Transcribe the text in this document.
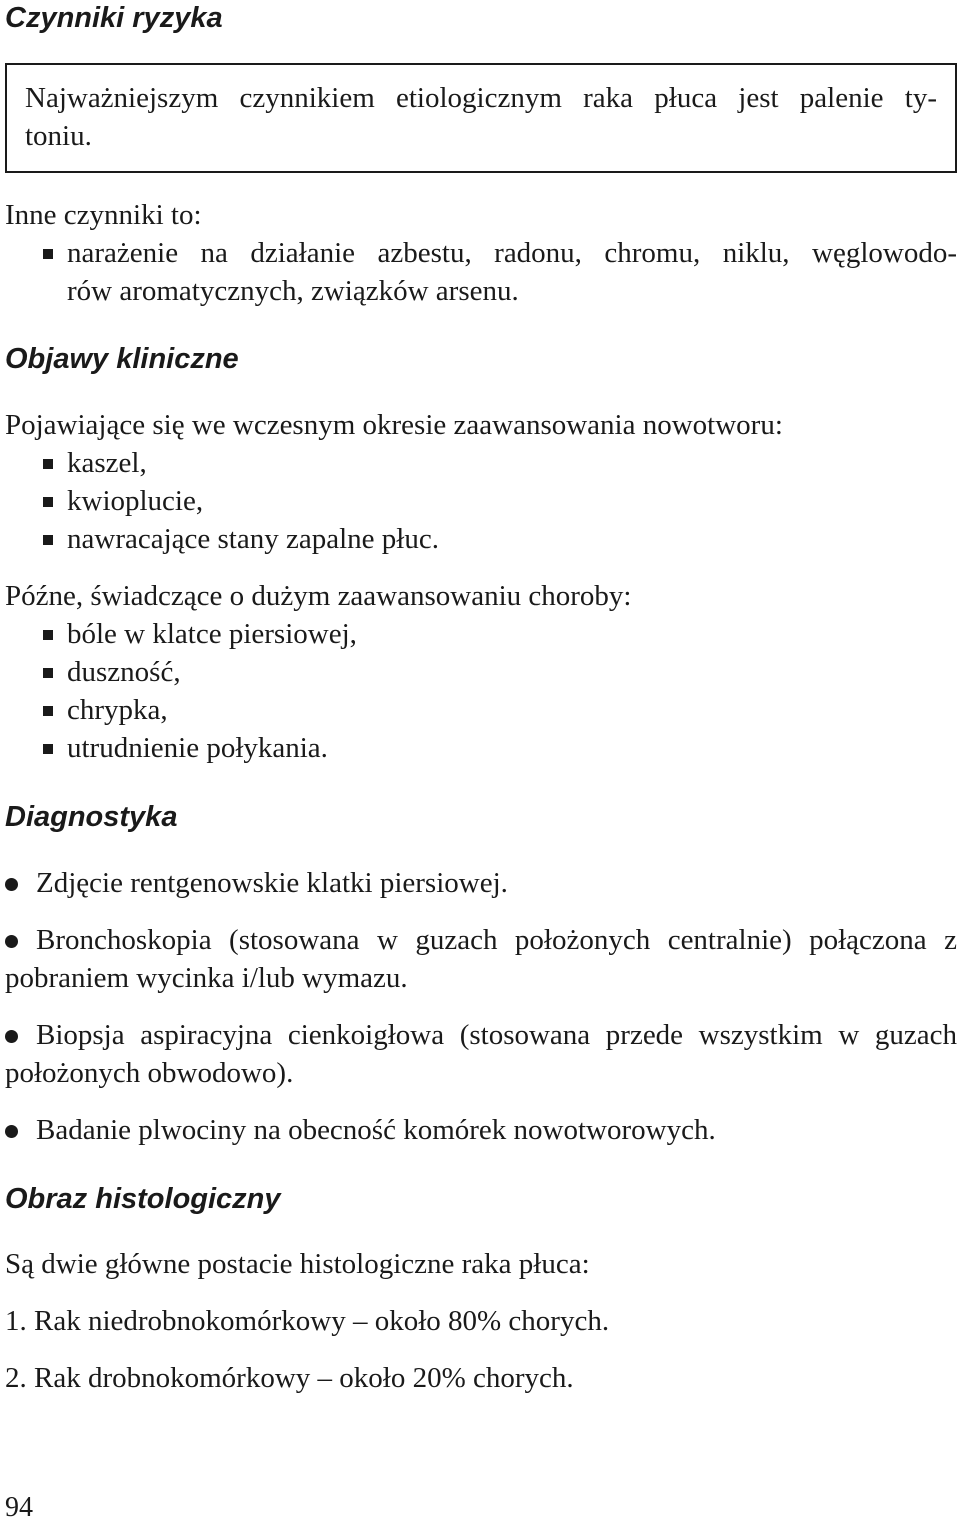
Czynniki ryzyka

Najważniejszym czynnikiem etiologicznym raka płuca jest palenie ty-

toniu.

Inne czynniki to:

narażenie na działanie azbestu, radonu, chromu, niklu, węglowodo-
rów aromatycznych, związków arsenu.
Objawy kliniczne

Pojawiające się we wczesnym okresie zaawansowania nowotworu:

kaszel,
kwioplucie,
nawracające stany zapalne płuc.

Późne, świadczące o dużym zaawansowaniu choroby:

bóle w klatce piersiowej,
duszność,
chrypka,
utrudnienie połykania.
Diagnostyka

Zdjęcie rentgenowskie klatki piersiowej.

Bronchoskopia (stosowana w guzach położonych centralnie) połączona z pobraniem wycinka i/lub wymazu.

Biopsja aspiracyjna cienkoigłowa (stosowana przede wszystkim w guzach położonych obwodowo).

Badanie plwociny na obecność komórek nowotworowych.

Obraz histologiczny

Są dwie główne postacie histologiczne raka płuca:

1. Rak niedrobnokomórkowy – około 80% chorych.

2. Rak drobnokomórkowy – około 20% chorych.

94
